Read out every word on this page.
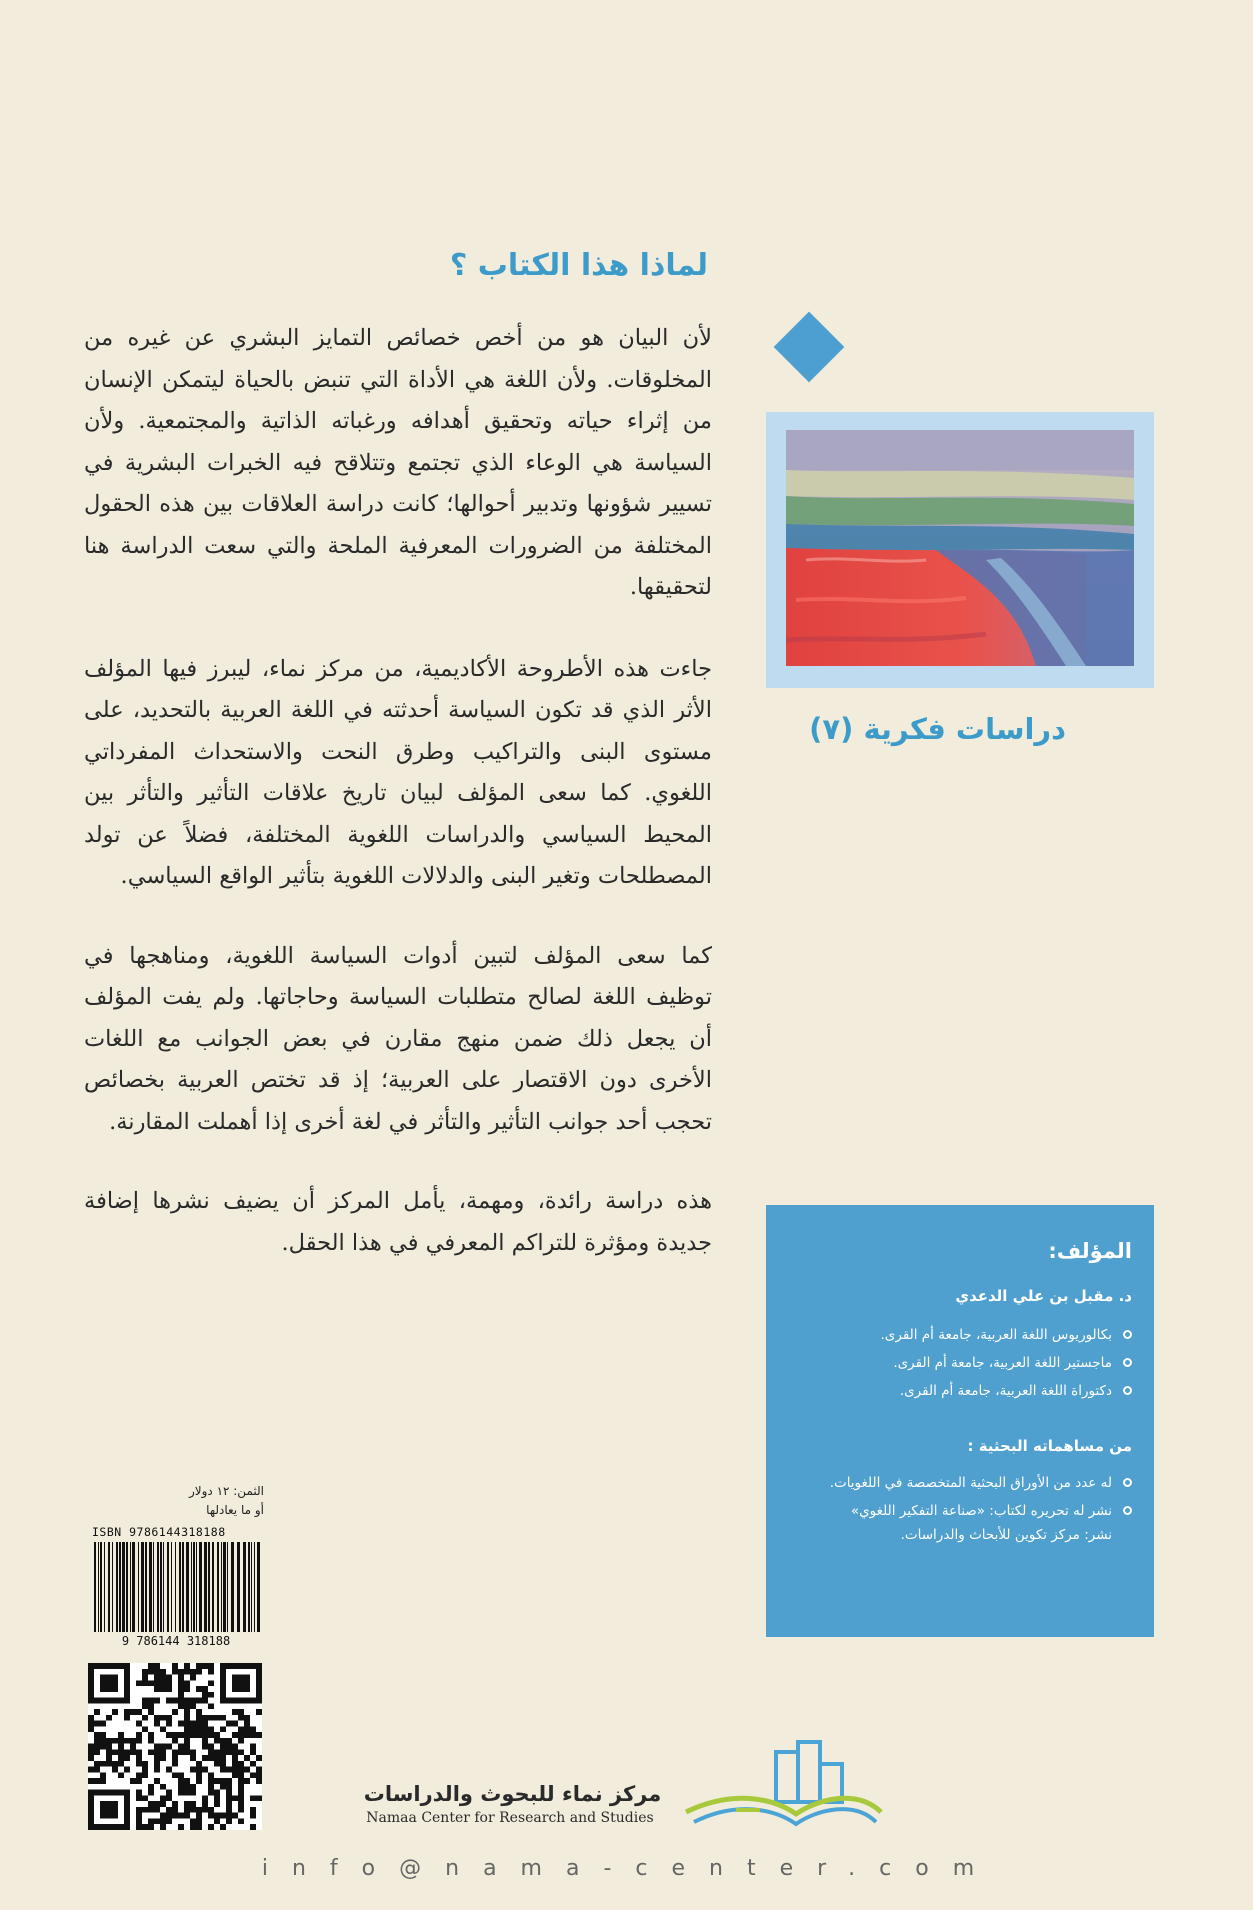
لماذا هذا الكتاب ؟

لأن البيان هو من أخص خصائص التمايز البشري عن غيره من المخلوقات. ولأن اللغة هي الأداة التي تنبض بالحياة ليتمكن الإنسان من إثراء حياته وتحقيق أهدافه ورغباته الذاتية والمجتمعية. ولأن السياسة هي الوعاء الذي تجتمع وتتلاقح فيه الخبرات البشرية في تسيير شؤونها وتدبير أحوالها؛ كانت دراسة العلاقات بين هذه الحقول المختلفة من الضرورات المعرفية الملحة والتي سعت الدراسة هنا لتحقيقها.

جاءت هذه الأطروحة الأكاديمية، من مركز نماء، ليبرز فيها المؤلف الأثر الذي قد تكون السياسة أحدثته في اللغة العربية بالتحديد، على مستوى البنى والتراكيب وطرق النحت والاستحداث المفرداتي اللغوي. كما سعى المؤلف لبيان تاريخ علاقات التأثير والتأثر بين المحيط السياسي والدراسات اللغوية المختلفة، فضلاً عن تولد المصطلحات وتغير البنى والدلالات اللغوية بتأثير الواقع السياسي.

كما سعى المؤلف لتبين أدوات السياسة اللغوية، ومناهجها في توظيف اللغة لصالح متطلبات السياسة وحاجاتها. ولم يفت المؤلف أن يجعل ذلك ضمن منهج مقارن في بعض الجوانب مع اللغات الأخرى دون الاقتصار على العربية؛ إذ قد تختص العربية بخصائص تحجب أحد جوانب التأثير والتأثر في لغة أخرى إذا أهملت المقارنة.

هذه دراسة رائدة، ومهمة، يأمل المركز أن يضيف نشرها إضافة جديدة ومؤثرة للتراكم المعرفي في هذا الحقل.

دراسات فكرية (٧)
المؤلف:
د. مقبل بن علي الدعدي
بكالوريوس اللغة العربية، جامعة أم القرى.
ماجستير اللغة العربية، جامعة أم القرى.
دكتوراة اللغة العربية، جامعة أم القرى.
من مساهماته البحثية :
له عدد من الأوراق البحثية المتخصصة في اللغويات.
نشر له تحريره لكتاب: «صناعة التفكير اللغوي»
نشر: مركز تكوين للأبحاث والدراسات.
الثمن: ١٢ دولار
أو ما يعادلها
ISBN 9786144318188
9 786144 318188
مركز نماء للبحوث والدراسات
Namaa Center for Research and Studies
info@nama-center.com
